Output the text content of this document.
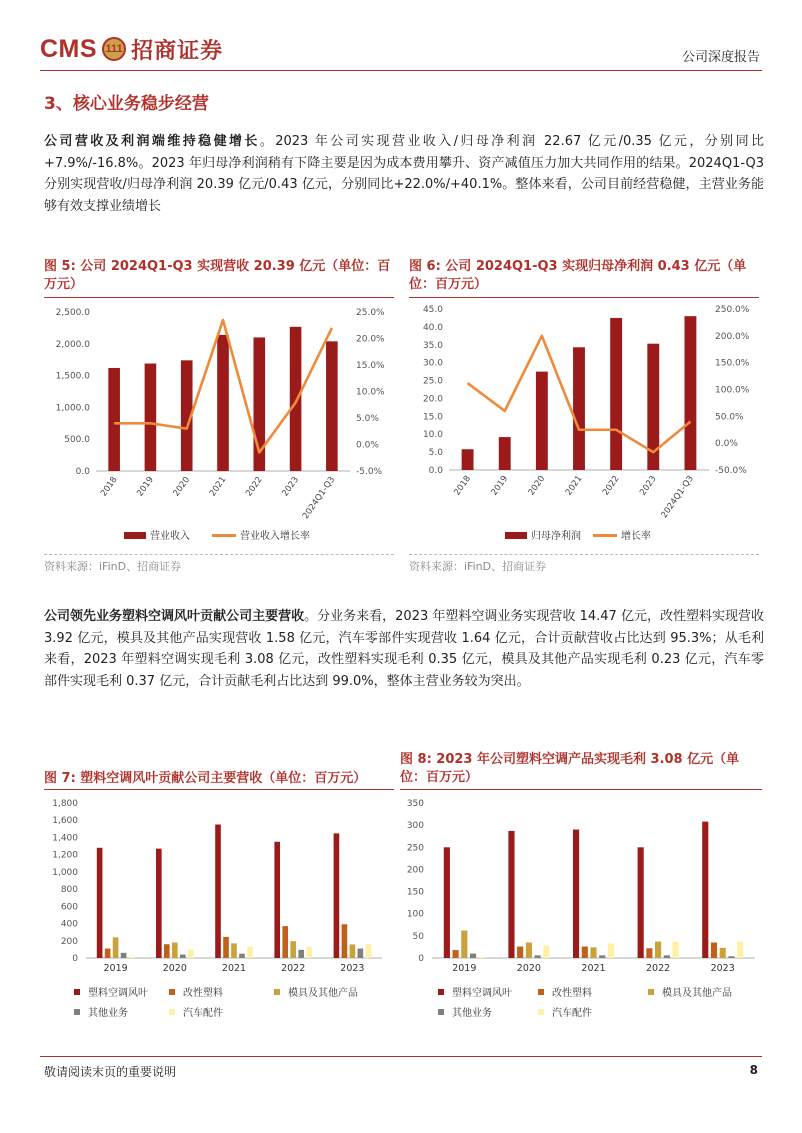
CMS 111 招商证券	公司深度报告
3、核心业务稳步经营
公司营收及利润端维持稳健增长。2023 年公司实现营业收入/归母净利润 22.67 亿元/0.35 亿元，分别同比+7.9%/-16.8%。2023 年归母净利润稍有下降主要是因为成本费用攀升、资产减值压力加大共同作用的结果。2024Q1-Q3 分别实现营收/归母净利润 20.39 亿元/0.43 亿元，分别同比+22.0%/+40.1%。整体来看，公司目前经营稳健，主营业务能够有效支撑业绩增长
图 5: 公司 2024Q1-Q3 实现营收 20.39 亿元（单位：百万元）
0.0
500.0
1,000.0
1,500.0
2,000.0
2,500.0
-5.0%
0.0%
5.0%
10.0%
15.0%
20.0%
25.0%
2018 2019 2020 2021 2022 2023 2024Q1-Q3
营业收入	营业收入增长率
资料来源：iFinD、招商证券
图 6: 公司 2024Q1-Q3 实现归母净利润 0.43 亿元（单位：百万元）
0.0
5.0
10.0
15.0
20.0
25.0
30.0
35.0
40.0
45.0
-50.0%
0.0%
50.0%
100.0%
150.0%
200.0%
250.0%
2018 2019 2020 2021 2022 2023 2024Q1-Q3
归母净利润	增长率
资料来源：iFinD、招商证券
公司领先业务塑料空调风叶贡献公司主要营收。分业务来看，2023 年塑料空调业务实现营收 14.47 亿元，改性塑料实现营收 3.92 亿元，模具及其他产品实现营收 1.58 亿元，汽车零部件实现营收 1.64 亿元，合计贡献营收占比达到 95.3%；从毛利来看，2023 年塑料空调实现毛利 3.08 亿元，改性塑料实现毛利 0.35 亿元，模具及其他产品实现毛利 0.23 亿元，汽车零部件实现毛利 0.37 亿元，合计贡献毛利占比达到 99.0%，整体主营业务较为突出。
图 7: 塑料空调风叶贡献公司主要营收（单位：百万元）
0
200
400
600
800
1,000
1,200
1,400
1,600
1,800
2019	2020	2021	2022	2023
塑料空调风叶	改性塑料	模具及其他产品
其他业务	汽车配件
图 8: 2023 年公司塑料空调产品实现毛利 3.08 亿元（单位：百万元）
0
50
100
150
200
250
300
350
2019	2020	2021	2022	2023
塑料空调风叶	改性塑料	模具及其他产品
其他业务	汽车配件
敬请阅读末页的重要说明	8
